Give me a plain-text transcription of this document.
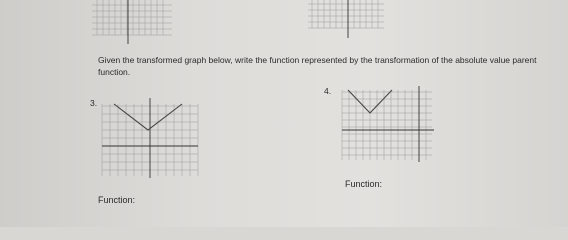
Given the transformed graph below, write the function represented by the transformation of the absolute value parent function.
3.
4.
Function:
Function:
